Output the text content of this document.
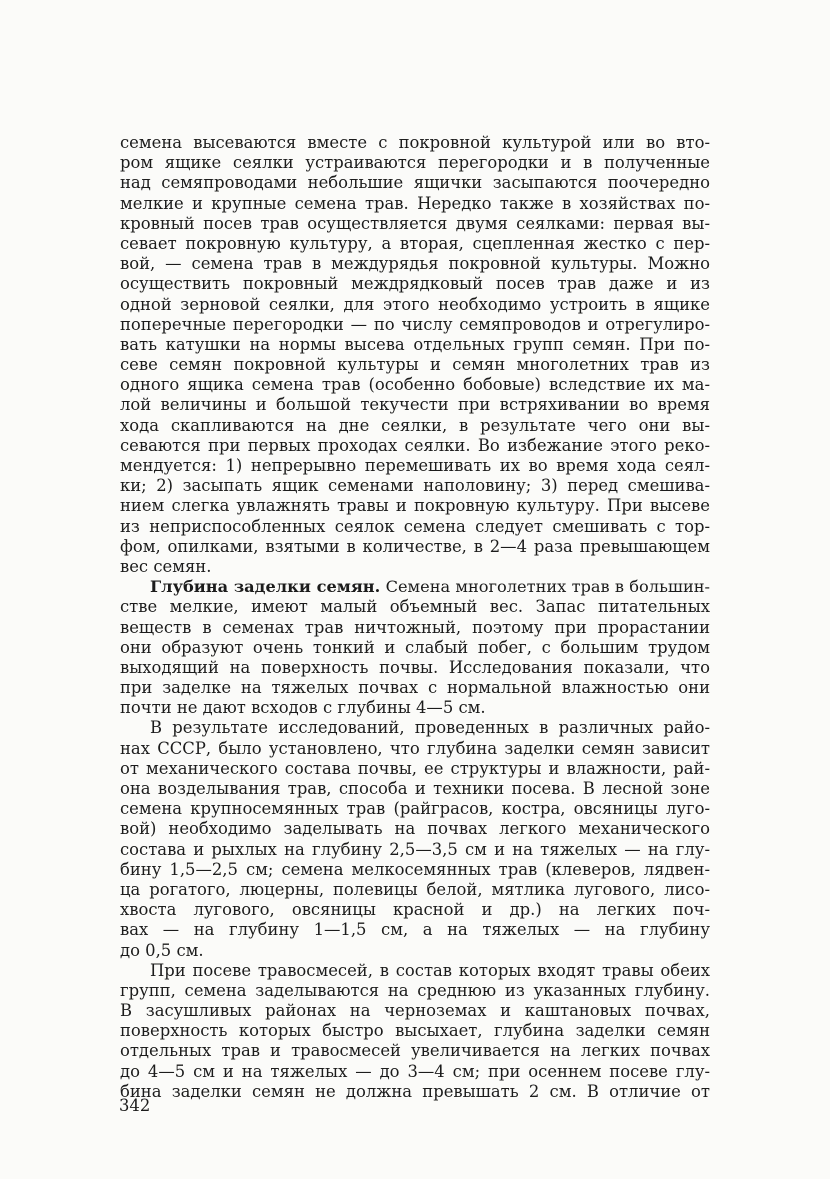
семена высеваются вместе с покровной культурой или во вто-
ром ящике сеялки устраиваются перегородки и в полученные
над семяпроводами небольшие ящички засыпаются поочередно
мелкие и крупные семена трав. Нередко также в хозяйствах по-
кровный посев трав осуществляется двумя сеялками: первая вы-
севает покровную культуру, а вторая, сцепленная жестко с пер-
вой, — семена трав в междурядья покровной культуры. Можно
осуществить покровный междрядковый посев трав даже и из
одной зерновой сеялки, для этого необходимо устроить в ящике
поперечные перегородки — по числу семяпроводов и отрегулиро-
вать катушки на нормы высева отдельных групп семян. При по-
севе семян покровной культуры и семян многолетних трав из
одного ящика семена трав (особенно бобовые) вследствие их ма-
лой величины и большой текучести при встряхивании во время
хода скапливаются на дне сеялки, в результате чего они вы-
севаются при первых проходах сеялки. Во избежание этого реко-
мендуется: 1) непрерывно перемешивать их во время хода сеял-
ки; 2) засыпать ящик семенами наполовину; 3) перед смешива-
нием слегка увлажнять травы и покровную культуру. При высеве
из неприспособленных сеялок семена следует смешивать с тор-
фом, опилками, взятыми в количестве, в 2—4 раза превышающем
вес семян.
Глубина заделки семян. Семена многолетних трав в большин-
стве мелкие, имеют малый объемный вес. Запас питательных
веществ в семенах трав ничтожный, поэтому при прорастании
они образуют очень тонкий и слабый побег, с большим трудом
выходящий на поверхность почвы. Исследования показали, что
при заделке на тяжелых почвах с нормальной влажностью они
почти не дают всходов с глубины 4—5 см.
В результате исследований, проведенных в различных райо-
нах СССР, было установлено, что глубина заделки семян зависит
от механического состава почвы, ее структуры и влажности, рай-
она возделывания трав, способа и техники посева. В лесной зоне
семена крупносемянных трав (райграсов, костра, овсяницы луго-
вой) необходимо заделывать на почвах легкого механического
состава и рыхлых на глубину 2,5—3,5 см и на тяжелых — на глу-
бину 1,5—2,5 см; семена мелкосемянных трав (клеверов, лядвен-
ца рогатого, люцерны, полевицы белой, мятлика лугового, лисо-
хвоста лугового, овсяницы красной и др.) на легких поч-
вах — на глубину 1—1,5 см, а на тяжелых — на глубину
до 0,5 см.
При посеве травосмесей, в состав которых входят травы обеих
групп, семена заделываются на среднюю из указанных глубину.
В засушливых районах на черноземах и каштановых почвах,
поверхность которых быстро высыхает, глубина заделки семян
отдельных трав и травосмесей увеличивается на легких почвах
до 4—5 см и на тяжелых — до 3—4 см; при осеннем посеве глу-
бина заделки семян не должна превышать 2 см. В отличие от
342
